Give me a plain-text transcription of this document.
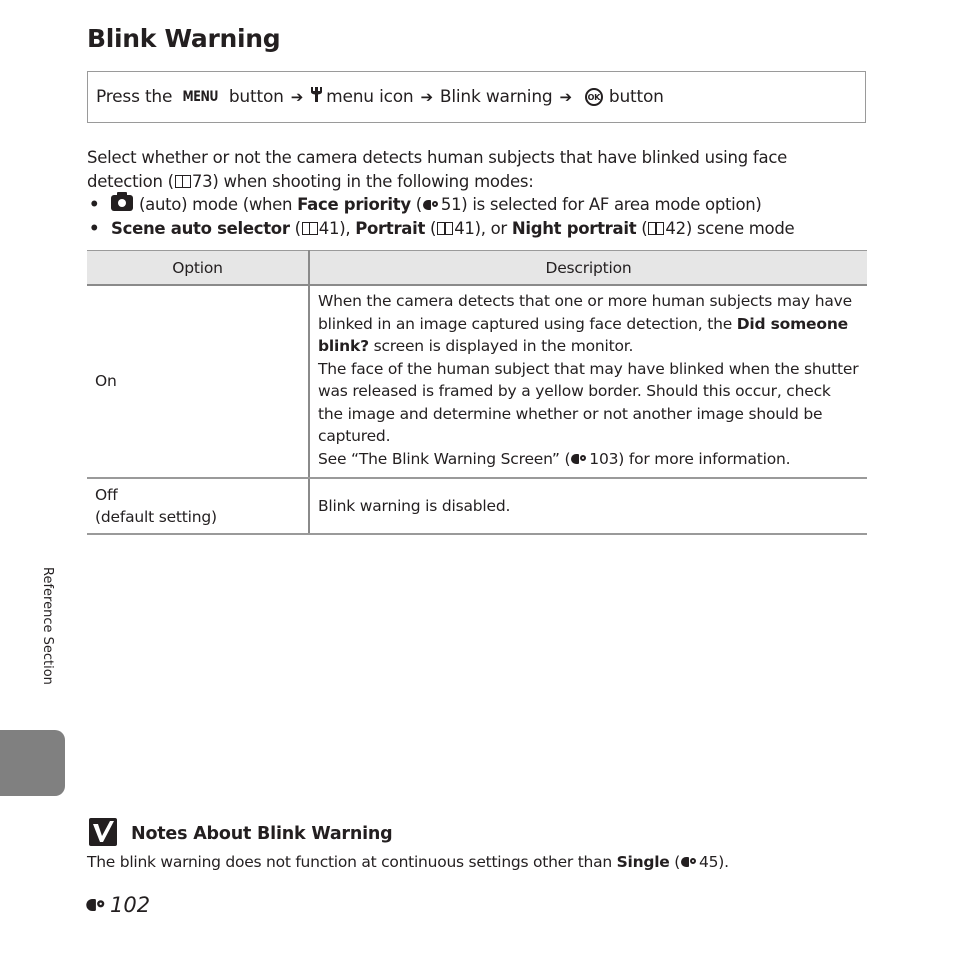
Blink Warning
Press the MENU button ➔ menu icon ➔ Blink warning ➔	OK button

Select whether or not the camera detects human subjects that have blinked using face detection ( 73) when shooting in the following modes:

• (auto) mode (when Face priority ( 51) is selected for AF area mode option)
• Scene auto selector ( 41), Portrait ( 41), or Night portrait ( 42) scene mode
Option	Description
On	When the camera detects that one or more human subjects may have blinked in an image captured using face detection, the Did someone blink? screen is displayed in the monitor.
The face of the human subject that may have blinked when the shutter was released is framed by a yellow border. Should this occur, check the image and determine whether or not another image should be captured.
See “The Blink Warning Screen” ( 103) for more information.

Off
(default setting)	Blink warning is disabled.
Reference Section
Notes About Blink Warning

The blink warning does not function at continuous settings other than Single ( 45).

102
